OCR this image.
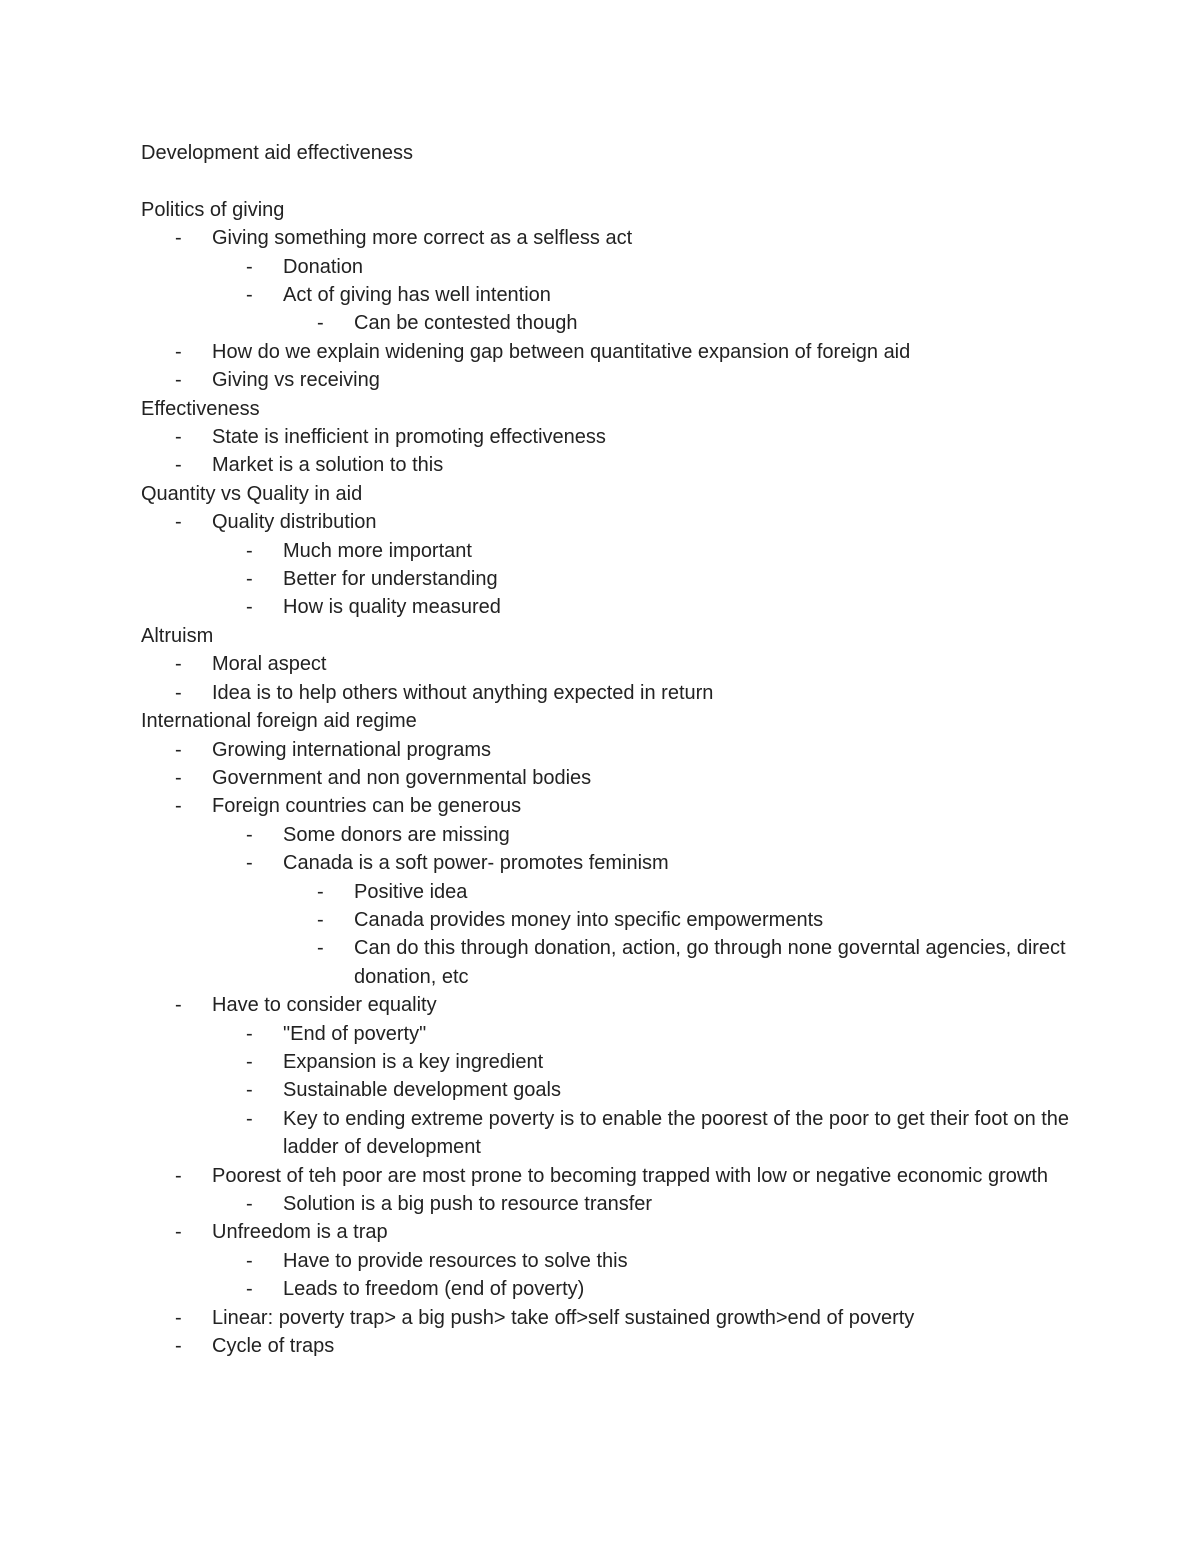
Development aid effectiveness
Politics of giving
- Giving something more correct as a selfless act
- Donation
- Act of giving has well intention
- Can be contested though
- How do we explain widening gap between quantitative expansion of foreign aid
- Giving vs receiving
Effectiveness
- State is inefficient in promoting effectiveness
- Market is a solution to this
Quantity vs Quality in aid
- Quality distribution
- Much more important
- Better for understanding
- How is quality measured
Altruism
- Moral aspect
- Idea is to help others without anything expected in return
International foreign aid regime
- Growing international programs
- Government and non governmental bodies
- Foreign countries can be generous
- Some donors are missing
- Canada is a soft power- promotes feminism
- Positive idea
- Canada provides money into specific empowerments
- Can do this through donation, action, go through none governtal agencies, direct donation, etc
- Have to consider equality
- "End of poverty"
- Expansion is a key ingredient
- Sustainable development goals
- Key to ending extreme poverty is to enable the poorest of the poor to get their foot on the ladder of development
- Poorest of teh poor are most prone to becoming trapped with low or negative economic growth
- Solution is a big push to resource transfer
- Unfreedom is a trap
- Have to provide resources to solve this
- Leads to freedom (end of poverty)
- Linear: poverty trap> a big push> take off>self sustained growth>end of poverty
- Cycle of traps
